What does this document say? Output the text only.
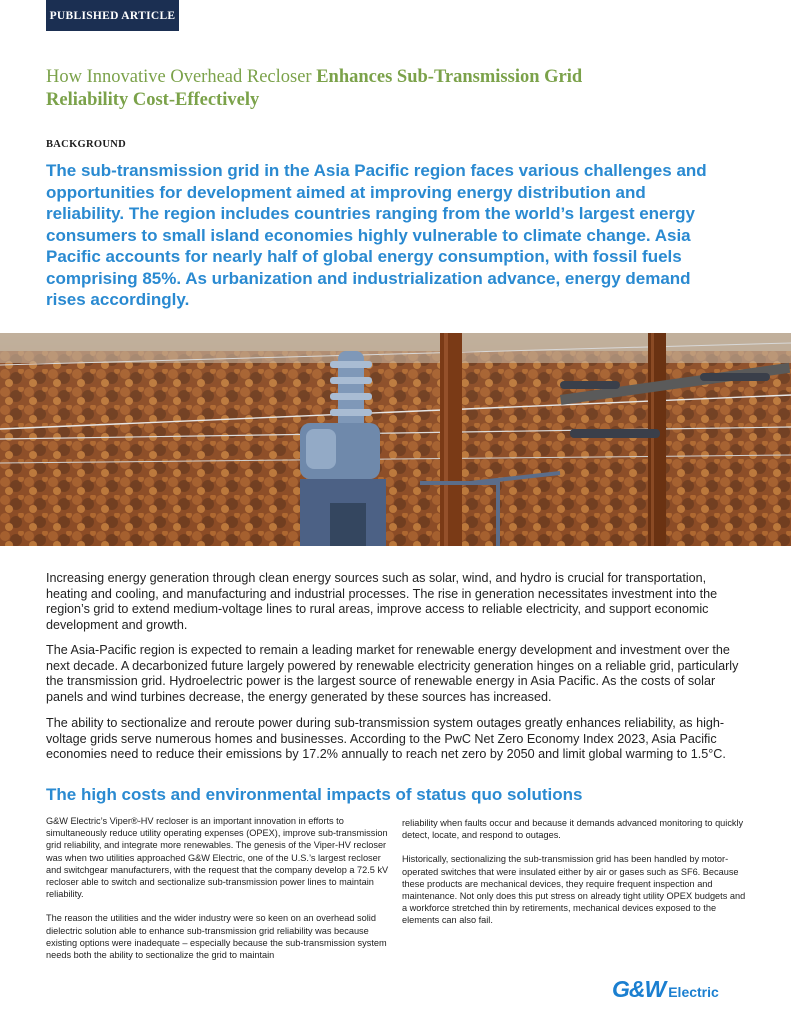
PUBLISHED ARTICLE
How Innovative Overhead Recloser Enhances Sub-Transmission Grid Reliability Cost-Effectively
BACKGROUND

The sub-transmission grid in the Asia Pacific region faces various challenges and opportunities for development aimed at improving energy distribution and reliability. The region includes countries ranging from the world’s largest energy consumers to small island economies highly vulnerable to climate change. Asia Pacific accounts for nearly half of global energy consumption, with fossil fuels comprising 85%. As urbanization and industrialization advance, energy demand rises accordingly.

Increasing energy generation through clean energy sources such as solar, wind, and hydro is crucial for transportation, heating and cooling, and manufacturing and industrial processes. The rise in generation necessitates investment into the region’s grid to extend medium-voltage lines to rural areas, improve access to reliable electricity, and support economic development and growth.

The Asia-Pacific region is expected to remain a leading market for renewable energy development and investment over the next decade. A decarbonized future largely powered by renewable electricity generation hinges on a reliable grid, particularly the transmission grid. Hydroelectric power is the largest source of renewable energy in Asia Pacific. As the costs of solar panels and wind turbines decrease, the energy generated by these sources has increased.

The ability to sectionalize and reroute power during sub-transmission system outages greatly enhances reliability, as high-voltage grids serve numerous homes and businesses. According to the PwC Net Zero Economy Index 2023, Asia Pacific economies need to reduce their emissions by 17.2% annually to reach net zero by 2050 and limit global warming to 1.5°C.

The high costs and environmental impacts of status quo solutions

G&W Electric’s Viper®-HV recloser is an important innovation in efforts to simultaneously reduce utility operating expenses (OPEX), improve sub-transmission grid reliability, and integrate more renewables. The genesis of the Viper-HV recloser was when two utilities approached G&W Electric, one of the U.S.’s largest recloser and switchgear manufacturers, with the request that the company develop a 72.5 kV recloser able to switch and sectionalize sub-transmission power lines to maintain reliability.

The reason the utilities and the wider industry were so keen on an overhead solid dielectric solution able to enhance sub-transmission grid reliability was because existing options were inadequate – especially because the sub-transmission system needs both the ability to sectionalize the grid to maintain

reliability when faults occur and because it demands advanced monitoring to quickly detect, locate, and respond to outages.

Historically, sectionalizing the sub-transmission grid has been handled by motor-operated switches that were insulated either by air or gases such as SF6. Because these products are mechanical devices, they require frequent inspection and maintenance. Not only does this put stress on already tight utility OPEX budgets and a workforce stretched thin by retirements, mechanical devices exposed to the elements can also fail.

G&W Electric
